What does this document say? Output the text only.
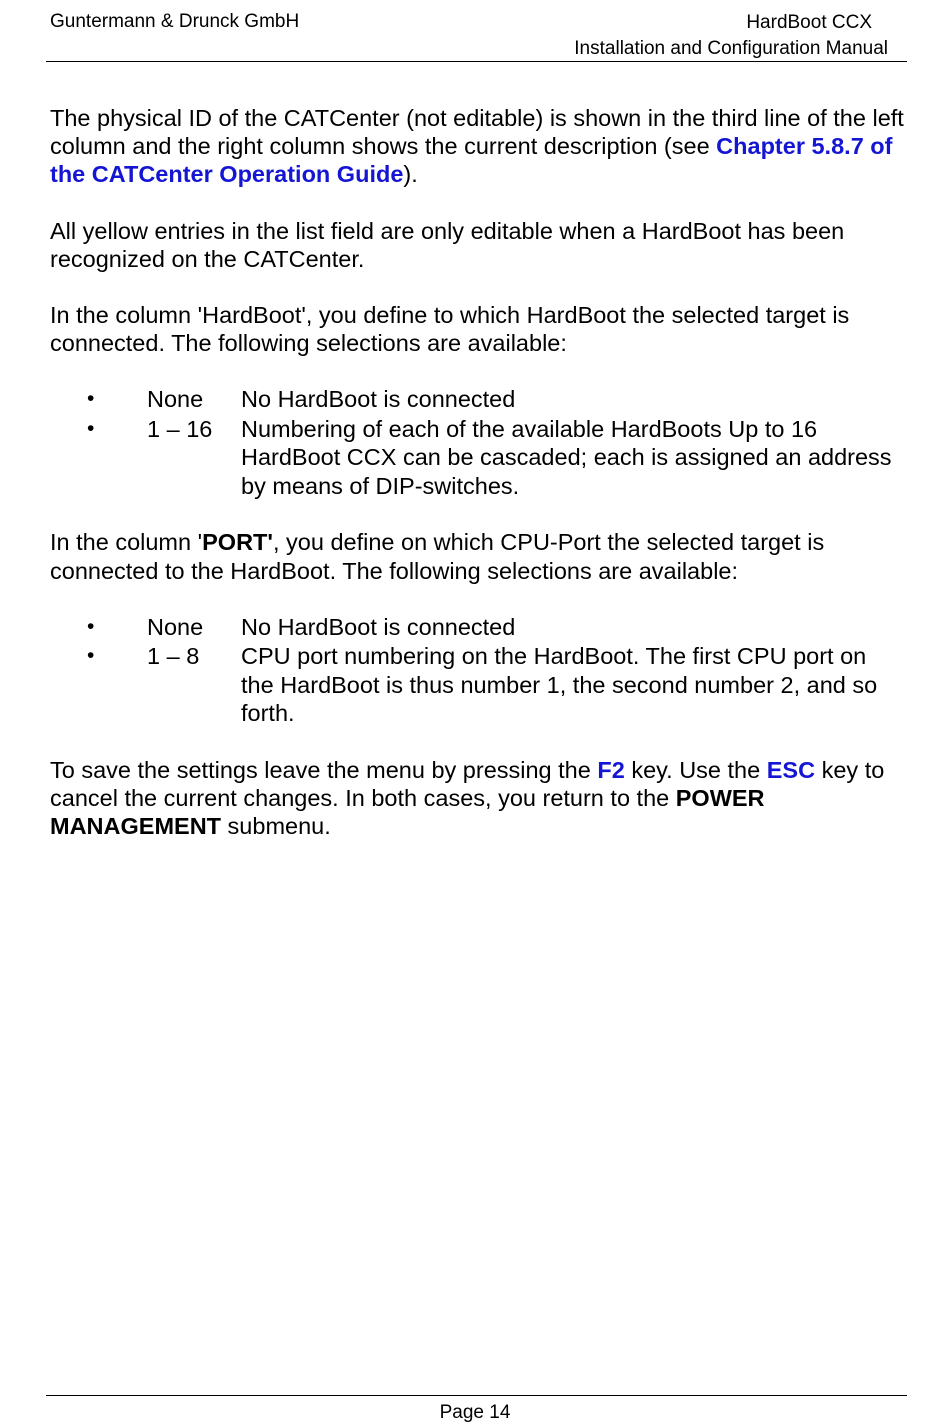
Guntermann & Drunck GmbH	HardBoot CCX
Installation and Configuration Manual

The physical ID of the CATCenter (not editable) is shown in the third line of the left column and the right column shows the current description (see Chapter 5.8.7 of the CATCenter Operation Guide).

All yellow entries in the list field are only editable when a HardBoot has been recognized on the CATCenter.

In the column 'HardBoot', you define to which HardBoot the selected target is connected. The following selections are available:

• None No HardBoot is connected
• 1 – 16 Numbering of each of the available HardBoots Up to 16 HardBoot CCX can be cascaded; each is assigned an address by means of DIP-switches.

In the column 'PORT', you define on which CPU-Port the selected target is connected to the HardBoot. The following selections are available:

• None No HardBoot is connected
• 1 – 8 CPU port numbering on the HardBoot. The first CPU port on the HardBoot is thus number 1, the second number 2, and so forth.

To save the settings leave the menu by pressing the F2 key. Use the ESC key to cancel the current changes. In both cases, you return to the POWER MANAGEMENT submenu.

Page 14
